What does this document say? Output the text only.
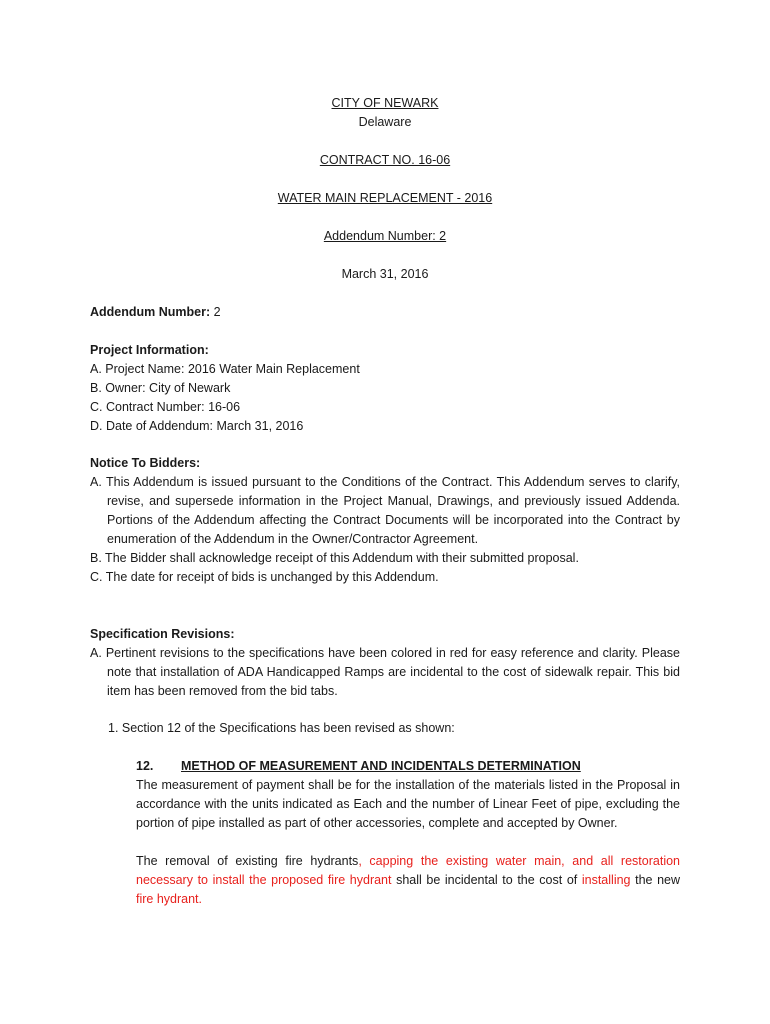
CITY OF NEWARK
Delaware
CONTRACT NO. 16-06
WATER MAIN REPLACEMENT - 2016
Addendum Number: 2
March 31, 2016
Addendum Number: 2
Project Information:
A. Project Name: 2016 Water Main Replacement
B. Owner: City of Newark
C. Contract Number: 16-06
D. Date of Addendum: March 31, 2016
Notice To Bidders:
A. This Addendum is issued pursuant to the Conditions of the Contract. This Addendum serves to clarify, revise, and supersede information in the Project Manual, Drawings, and previously issued Addenda. Portions of the Addendum affecting the Contract Documents will be incorporated into the Contract by enumeration of the Addendum in the Owner/Contractor Agreement.
B. The Bidder shall acknowledge receipt of this Addendum with their submitted proposal.
C. The date for receipt of bids is unchanged by this Addendum.
Specification Revisions:
A. Pertinent revisions to the specifications have been colored in red for easy reference and clarity. Please note that installation of ADA Handicapped Ramps are incidental to the cost of sidewalk repair. This bid item has been removed from the bid tabs.
1. Section 12 of the Specifications has been revised as shown:
12.	METHOD OF MEASUREMENT AND INCIDENTALS DETERMINATION
The measurement of payment shall be for the installation of the materials listed in the Proposal in accordance with the units indicated as Each and the number of Linear Feet of pipe, excluding the portion of pipe installed as part of other accessories, complete and accepted by Owner.
The removal of existing fire hydrants, capping the existing water main, and all restoration necessary to install the proposed fire hydrant shall be incidental to the cost of installing the new fire hydrant.
